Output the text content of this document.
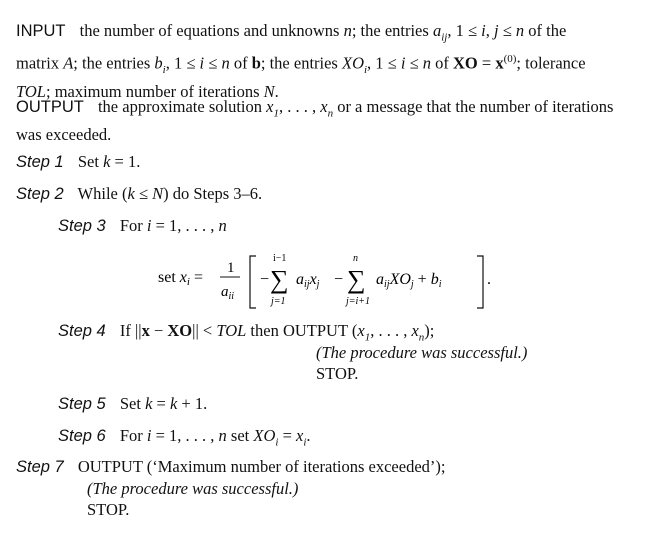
INPUT the number of equations and unknowns n; the entries $a_{ij}$, 1 ≤ i, j ≤ n of the
matrix A; the entries $b_i$, 1 ≤ i ≤ n of b; the entries $XO_i$, 1 ≤ i ≤ n of XO = $x^{(0)}$; tolerance
TOL; maximum number of iterations N.
OUTPUT the approximate solution $x_1$, . . . , $x_n$ or a message that the number of iterations
was exceeded.
Step 1 Set k = 1.
Step 2 While (k ≤ N) do Steps 3–6.
Step 3 For i = 1, . . . , n
set xi =
1
$a_{ii}$
−
i−1
∑
j=1
aijxj −
n
∑
j=i+1
aijXOj + bi	.
Step 4 If ||x − XO|| < TOL then OUTPUT ($x_1$, . . . , $x_n$);
(The procedure was successful.)
STOP.
Step 5 Set k = k + 1.
Step 6 For i = 1, . . . , n set $XO_i = x_i$.
Step 7 OUTPUT (‘Maximum number of iterations exceeded’);
(The procedure was successful.)
STOP.
